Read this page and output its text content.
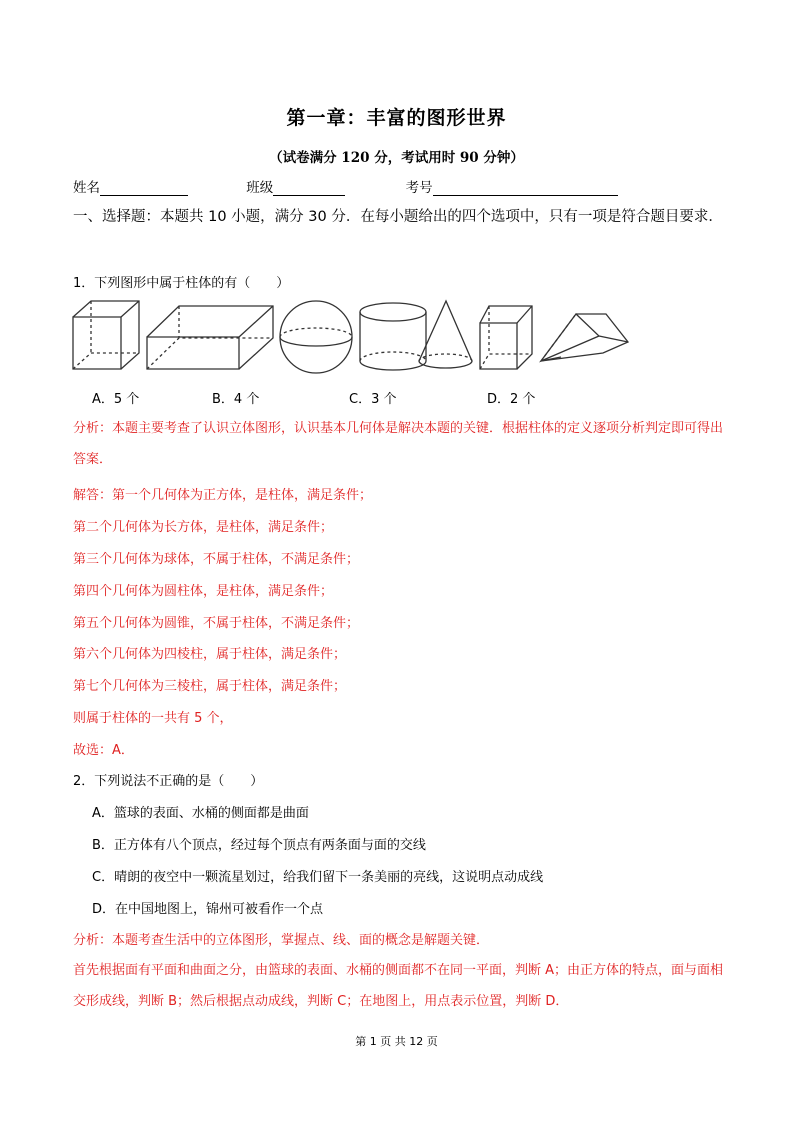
第一章：丰富的图形世界
（试卷满分 120 分，考试用时 90 分钟）
姓名	班级	考号
一、选择题：本题共 10 小题，满分 30 分．在每小题给出的四个选项中，只有一项是符合题目要求．
1．下列图形中属于柱体的有（　　）
A．5 个	B．4 个	C．3 个	D．2 个
分析：本题主要考查了认识立体图形，认识基本几何体是解决本题的关键．根据柱体的定义逐项分析判定即可得出答案．
解答：第一个几何体为正方体，是柱体，满足条件；
第二个几何体为长方体，是柱体，满足条件；
第三个几何体为球体，不属于柱体，不满足条件；
第四个几何体为圆柱体，是柱体，满足条件；
第五个几何体为圆锥，不属于柱体，不满足条件；
第六个几何体为四棱柱，属于柱体，满足条件；
第七个几何体为三棱柱，属于柱体，满足条件；
则属于柱体的一共有 5 个，
故选：A．
2．下列说法不正确的是（　　）
A．篮球的表面、水桶的侧面都是曲面
B．正方体有八个顶点，经过每个顶点有两条面与面的交线
C．晴朗的夜空中一颗流星划过，给我们留下一条美丽的亮线，这说明点动成线
D．在中国地图上，锦州可被看作一个点
分析：本题考查生活中的立体图形，掌握点、线、面的概念是解题关键．
首先根据面有平面和曲面之分，由篮球的表面、水桶的侧面都不在同一平面，判断 A；由正方体的特点，面与面相交形成线，判断 B；然后根据点动成线，判断 C；在地图上，用点表示位置，判断 D．
第 1 页 共 12 页
